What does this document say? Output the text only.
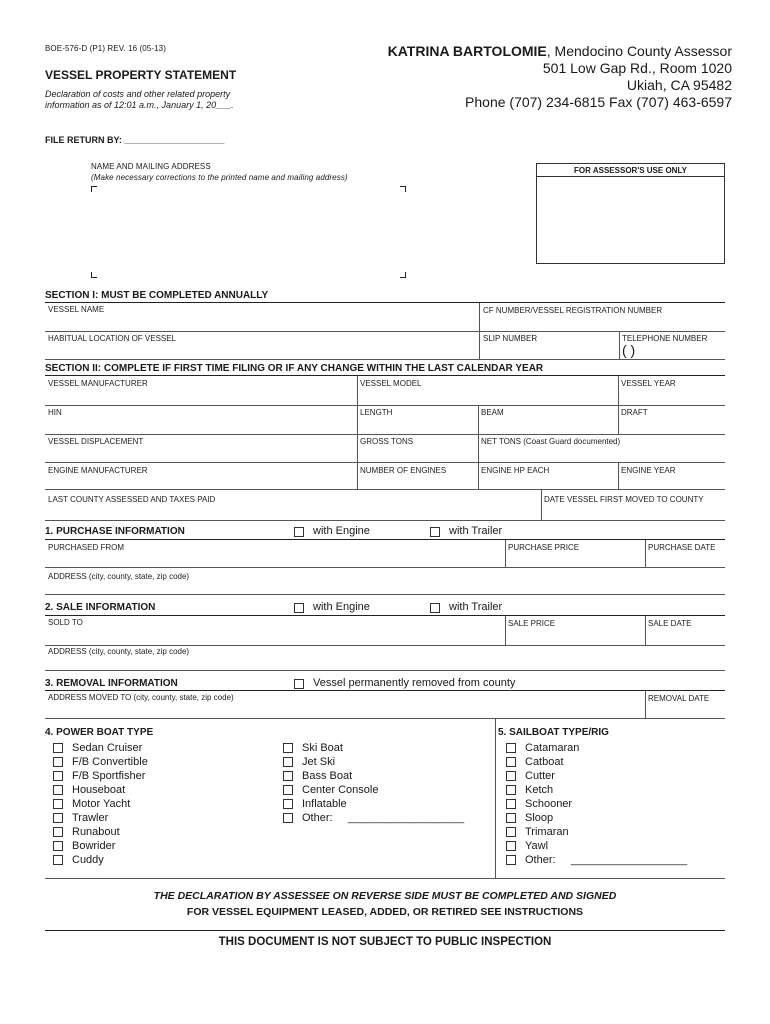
BOE-576-D (P1) REV. 16 (05-13)
VESSEL PROPERTY STATEMENT
Declaration of costs and other related property
information as of 12:01 a.m., January 1, 20___.
KATRINA BARTOLOMIE, Mendocino County Assessor
501 Low Gap Rd., Room 1020
Ukiah, CA 95482
Phone (707) 234-6815 Fax (707) 463-6597
FILE RETURN BY: ____________________
NAME AND MAILING ADDRESS
(Make necessary corrections to the printed name and mailing address)
FOR ASSESSOR'S USE ONLY
SECTION I: MUST BE COMPLETED ANNUALLY
VESSEL NAME	CF NUMBER/VESSEL REGISTRATION NUMBER
HABITUAL LOCATION OF VESSEL	SLIP NUMBER	TELEPHONE NUMBER
( )
SECTION II: COMPLETE IF FIRST TIME FILING OR IF ANY CHANGE WITHIN THE LAST CALENDAR YEAR
VESSEL MANUFACTURER	VESSEL MODEL	VESSEL YEAR
HIN	LENGTH	BEAM	DRAFT
VESSEL DISPLACEMENT	GROSS TONS	NET TONS (Coast Guard documented)
ENGINE MANUFACTURER	NUMBER OF ENGINES	ENGINE HP EACH	ENGINE YEAR
LAST COUNTY ASSESSED AND TAXES PAID	DATE VESSEL FIRST MOVED TO COUNTY
1. PURCHASE INFORMATION	with Engine	with Trailer
PURCHASED FROM	PURCHASE PRICE	PURCHASE DATE
ADDRESS (city, county, state, zip code)
2. SALE INFORMATION	with Engine	with Trailer
SOLD TO	SALE PRICE	SALE DATE
ADDRESS (city, county, state, zip code)
3. REMOVAL INFORMATION	Vessel permanently removed from county
ADDRESS MOVED TO (city, county, state, zip code)	REMOVAL DATE
4. POWER BOAT TYPE	5. SAILBOAT TYPE/RIG
Sedan Cruiser
F/B Convertible
F/B Sportfisher
Houseboat
Motor Yacht
Trawler
Runabout
Bowrider
Cuddy
Ski Boat
Jet Ski
Bass Boat
Center Console
Inflatable
Other: ___________________
Catamaran
Catboat
Cutter
Ketch
Schooner
Sloop
Trimaran
Yawl
Other: ___________________
THE DECLARATION BY ASSESSEE ON REVERSE SIDE MUST BE COMPLETED AND SIGNED
FOR VESSEL EQUIPMENT LEASED, ADDED, OR RETIRED SEE INSTRUCTIONS
THIS DOCUMENT IS NOT SUBJECT TO PUBLIC INSPECTION
